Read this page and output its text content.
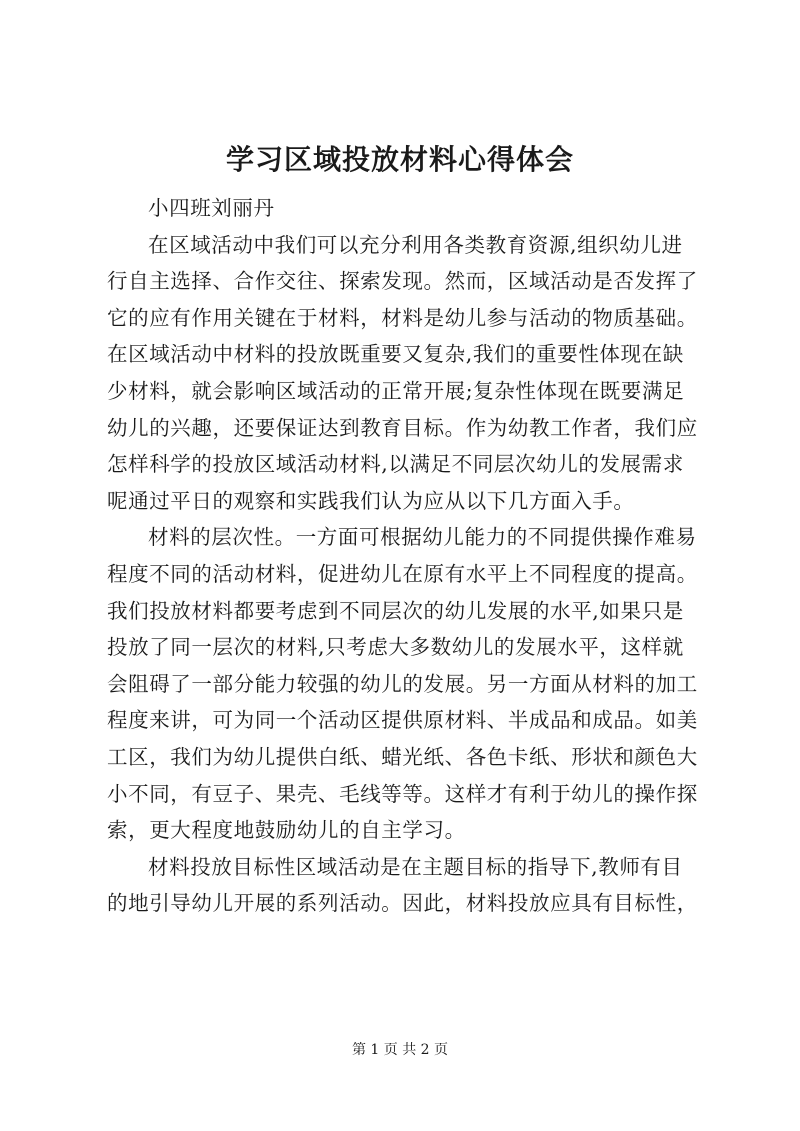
学习区域投放材料心得体会
小四班刘丽丹
在区域活动中我们可以充分利用各类教育资源,组织幼儿进
行自主选择、合作交往、探索发现。然而，区域活动是否发挥了
它的应有作用关键在于材料，材料是幼儿参与活动的物质基础。
在区域活动中材料的投放既重要又复杂,我们的重要性体现在缺
少材料，就会影响区域活动的正常开展;复杂性体现在既要满足
幼儿的兴趣，还要保证达到教育目标。作为幼教工作者，我们应
怎样科学的投放区域活动材料,以满足不同层次幼儿的发展需求
呢通过平日的观察和实践我们认为应从以下几方面入手。
材料的层次性。一方面可根据幼儿能力的不同提供操作难易
程度不同的活动材料，促进幼儿在原有水平上不同程度的提高。
我们投放材料都要考虑到不同层次的幼儿发展的水平,如果只是
投放了同一层次的材料,只考虑大多数幼儿的发展水平，这样就
会阻碍了一部分能力较强的幼儿的发展。另一方面从材料的加工
程度来讲，可为同一个活动区提供原材料、半成品和成品。如美
工区，我们为幼儿提供白纸、蜡光纸、各色卡纸、形状和颜色大
小不同，有豆子、果壳、毛线等等。这样才有利于幼儿的操作探
索，更大程度地鼓励幼儿的自主学习。
材料投放目标性区域活动是在主题目标的指导下,教师有目
的地引导幼儿开展的系列活动。因此，材料投放应具有目标性，
第 1 页 共 2 页
